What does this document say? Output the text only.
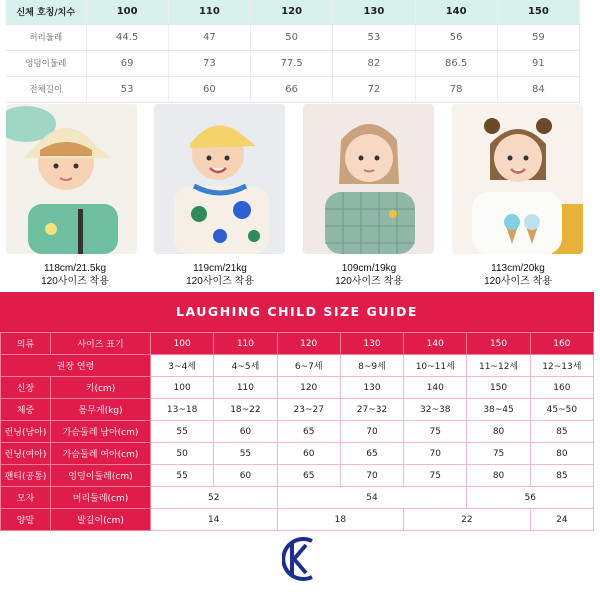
신체 호칭/치수	100	110	120	130	140	150
허리둘레	44.5	47	50	53	56	59
엉덩이둘레	69	73	77.5	82	86.5	91
전체길이	53	60	66	72	78	84
118cm/21.5kg
120사이즈 착용
119cm/21kg
120사이즈 착용
109cm/19kg
120사이즈 착용
113cm/20kg
120사이즈 착용
LAUGHING CHILD SIZE GUIDE
의류	사이즈 표기	100	110	120	130	140	150	160
권장 연령		3~4세	4~5세	6~7세	8~9세	10~11세	11~12세	12~13세
신장	키(cm)	100	110	120	130	140	150	160
체중	몸무게(kg)	13~18	18~22	23~27	27~32	32~38	38~45	45~50
런닝(남아)	가슴둘레 남아(cm)	55	60	65	70	75	80	85
런닝(여아)	가슴둘레 여아(cm)	50	55	60	65	70	75	80
팬티(공통)	엉덩이둘레(cm)	55	60	65	70	75	80	85
모자	머리둘레(cm)	52		54			56	
양말	발길이(cm)	14		18		22		24
